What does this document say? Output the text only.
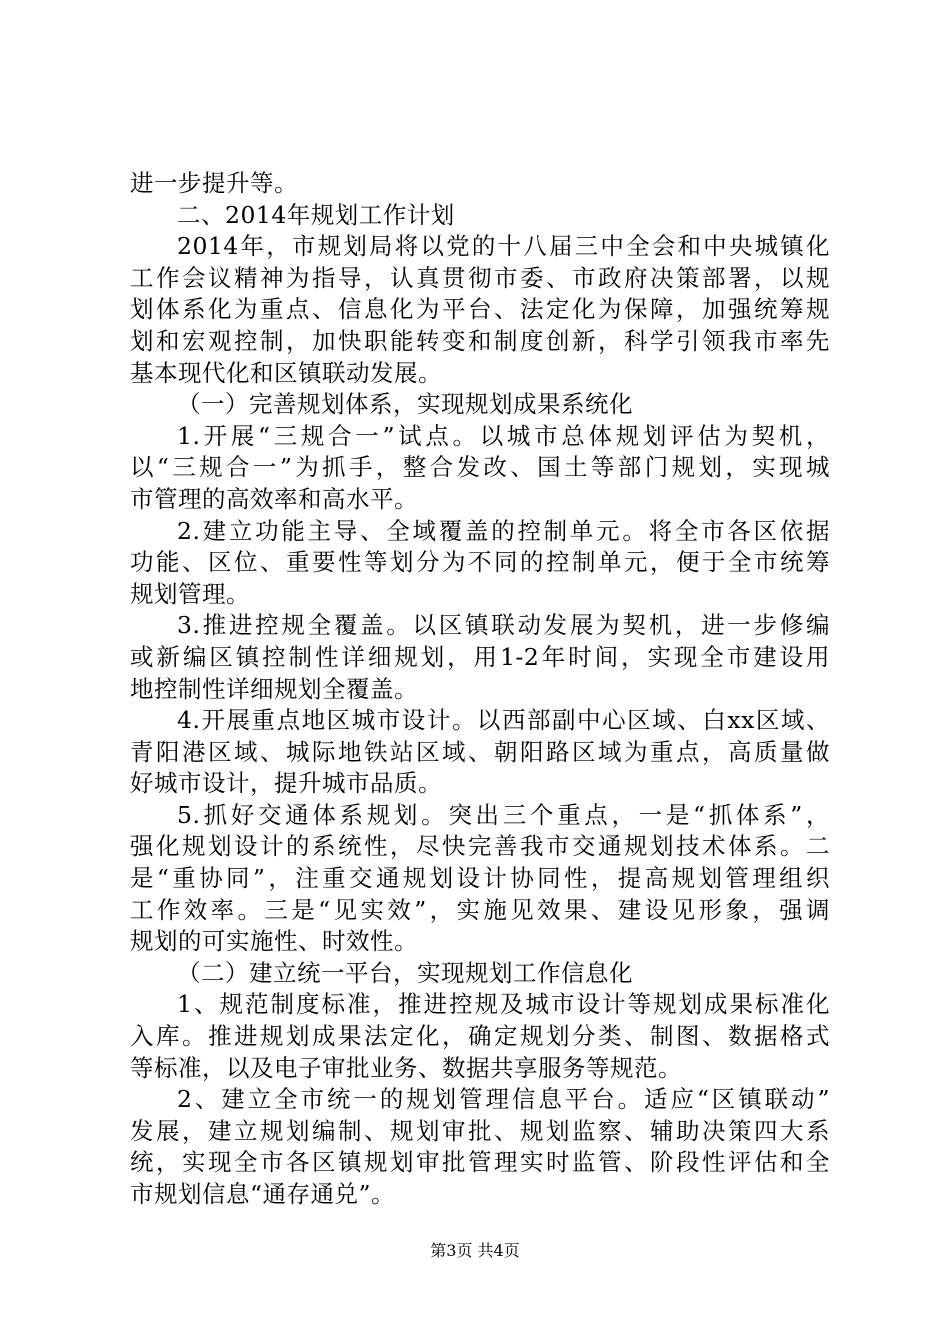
进一步提升等。
二、2014年规划工作计划
2014年，市规划局将以党的十八届三中全会和中央城镇化
工作会议精神为指导，认真贯彻市委、市政府决策部署，以规
划体系化为重点、信息化为平台、法定化为保障，加强统筹规
划和宏观控制，加快职能转变和制度创新，科学引领我市率先
基本现代化和区镇联动发展。
（一）完善规划体系，实现规划成果系统化
1.开展“三规合一”试点。以城市总体规划评估为契机，
以“三规合一”为抓手，整合发改、国土等部门规划，实现城
市管理的高效率和高水平。
2.建立功能主导、全域覆盖的控制单元。将全市各区依据
功能、区位、重要性等划分为不同的控制单元，便于全市统筹
规划管理。
3.推进控规全覆盖。以区镇联动发展为契机，进一步修编
或新编区镇控制性详细规划，用1-2年时间，实现全市建设用
地控制性详细规划全覆盖。
4.开展重点地区城市设计。以西部副中心区域、白xx区域、
青阳港区域、城际地铁站区域、朝阳路区域为重点，高质量做
好城市设计，提升城市品质。
5.抓好交通体系规划。突出三个重点，一是“抓体系”，
强化规划设计的系统性，尽快完善我市交通规划技术体系。二
是“重协同”，注重交通规划设计协同性，提高规划管理组织
工作效率。三是“见实效”，实施见效果、建设见形象，强调
规划的可实施性、时效性。
（二）建立统一平台，实现规划工作信息化
1、规范制度标准，推进控规及城市设计等规划成果标准化
入库。推进规划成果法定化，确定规划分类、制图、数据格式
等标准，以及电子审批业务、数据共享服务等规范。
2、建立全市统一的规划管理信息平台。适应“区镇联动”
发展，建立规划编制、规划审批、规划监察、辅助决策四大系
统，实现全市各区镇规划审批管理实时监管、阶段性评估和全
市规划信息“通存通兑”。
第3页 共4页
